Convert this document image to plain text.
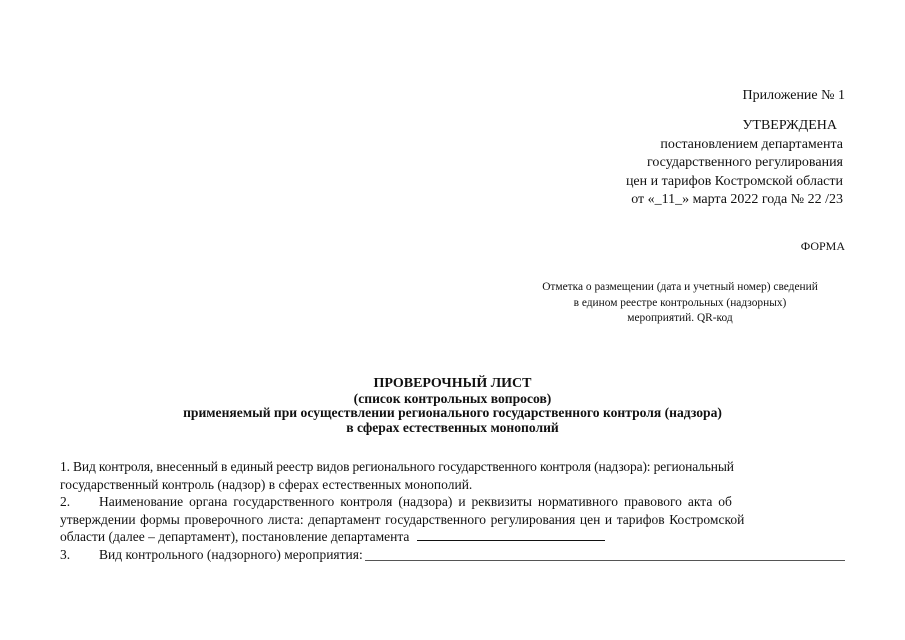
Приложение № 1
УТВЕРЖДЕНА
постановлением департамента
государственного регулирования
цен и тарифов Костромской области
от «_11_» марта 2022 года № 22 /23
ФОРМА
Отметка о размещении (дата и учетный номер) сведений
в едином реестре контрольных (надзорных)
мероприятий. QR-код
ПРОВЕРОЧНЫЙ ЛИСТ
(список контрольных вопросов)
применяемый при осуществлении регионального государственного контроля (надзора)
в сферах естественных монополий
1. Вид контроля, внесенный в единый реестр видов регионального государственного контроля (надзора): региональный
государственный контроль (надзор) в сферах естественных монополий.
2.	Наименование органа государственного контроля (надзора) и реквизиты нормативного правового акта об
утверждении формы проверочного листа: департамент государственного регулирования цен и тарифов Костромской
области (далее – департамент), постановление департамента
3.	Вид контрольного (надзорного) мероприятия:
